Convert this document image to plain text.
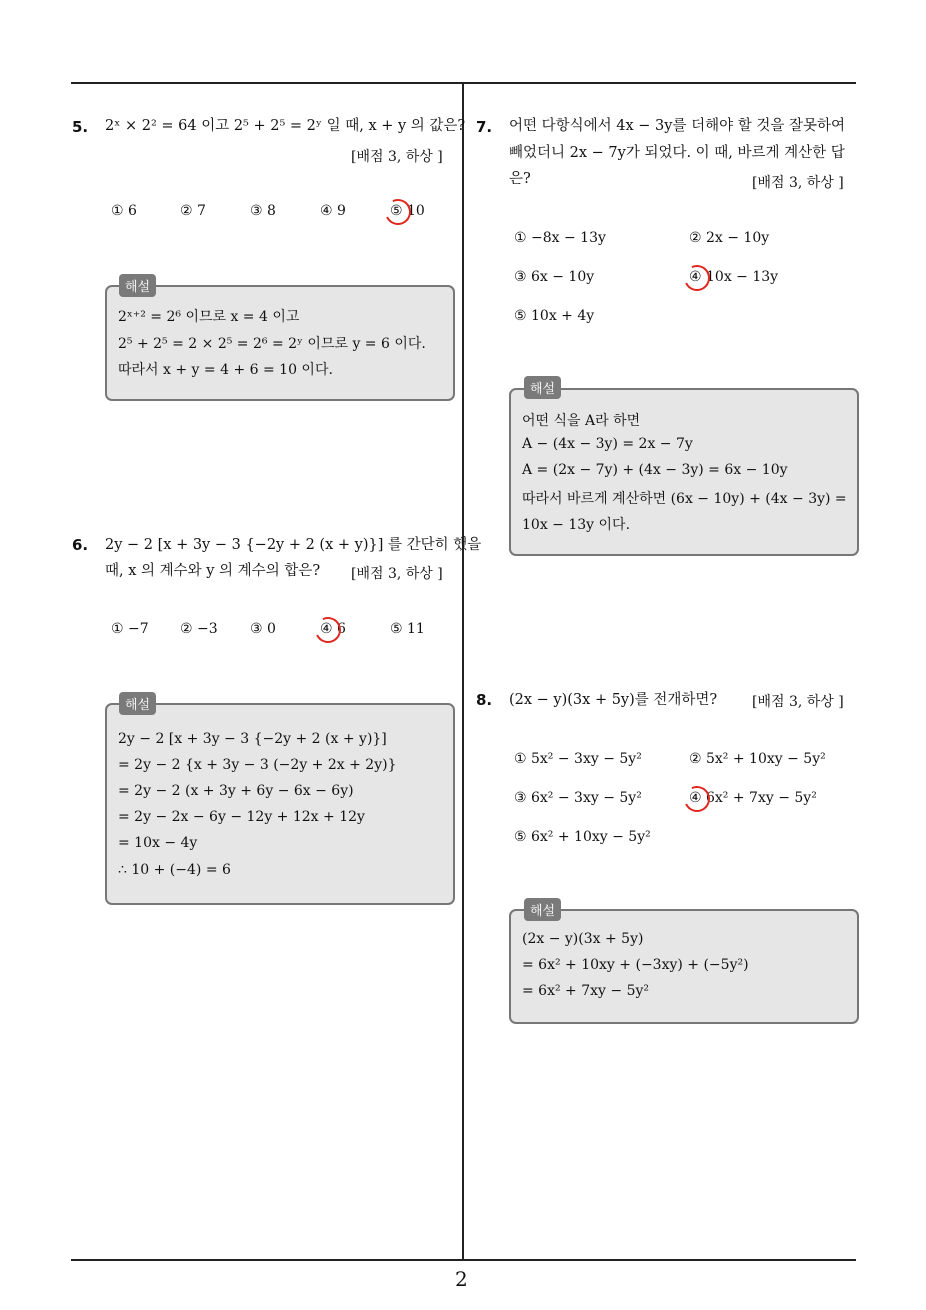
5. 2ˣ × 2² = 64 이고 2⁵ + 2⁵ = 2ʸ 일 때, x + y 의 값은?
[배점 3, 하상 ]
① 6	② 7	③ 8	④ 9	⑤ 10
해설
2ˣ⁺² = 2⁶ 이므로 x = 4 이고
2⁵ + 2⁵ = 2 × 2⁵ = 2⁶ = 2ʸ 이므로 y = 6 이다.
따라서 x + y = 4 + 6 = 10 이다.
6. 2y − 2 [x + 3y − 3 {−2y + 2 (x + y)}] 를 간단히 했을
때, x 의 계수와 y 의 계수의 합은? [배점 3, 하상 ]
① −7 ② −3 ③ 0	④ 6	⑤ 11
해설
2y − 2 [x + 3y − 3 {−2y + 2 (x + y)}]
= 2y − 2 {x + 3y − 3 (−2y + 2x + 2y)}
= 2y − 2 (x + 3y + 6y − 6x − 6y)
= 2y − 2x − 6y − 12y + 12x + 12y
= 10x − 4y
∴ 10 + (−4) = 6
7. 어떤 다항식에서 4x − 3y를 더해야 할 것을 잘못하여
빼었더니 2x − 7y가 되었다. 이 때, 바르게 계산한 답
은?	[배점 3, 하상 ]
① −8x − 13y	② 2x − 10y
③ 6x − 10y	④ 10x − 13y
⑤ 10x + 4y
해설
어떤 식을 A라 하면
A − (4x − 3y) = 2x − 7y
A = (2x − 7y) + (4x − 3y) = 6x − 10y
따라서 바르게 계산하면 (6x − 10y) + (4x − 3y) =
10x − 13y 이다.
8. (2x − y)(3x + 5y)를 전개하면? [배점 3, 하상 ]
① 5x² − 3xy − 5y²	② 5x² + 10xy − 5y²
③ 6x² − 3xy − 5y²	④ 6x² + 7xy − 5y²
⑤ 6x² + 10xy − 5y²
해설
(2x − y)(3x + 5y)
= 6x² + 10xy + (−3xy) + (−5y²)
= 6x² + 7xy − 5y²
2
